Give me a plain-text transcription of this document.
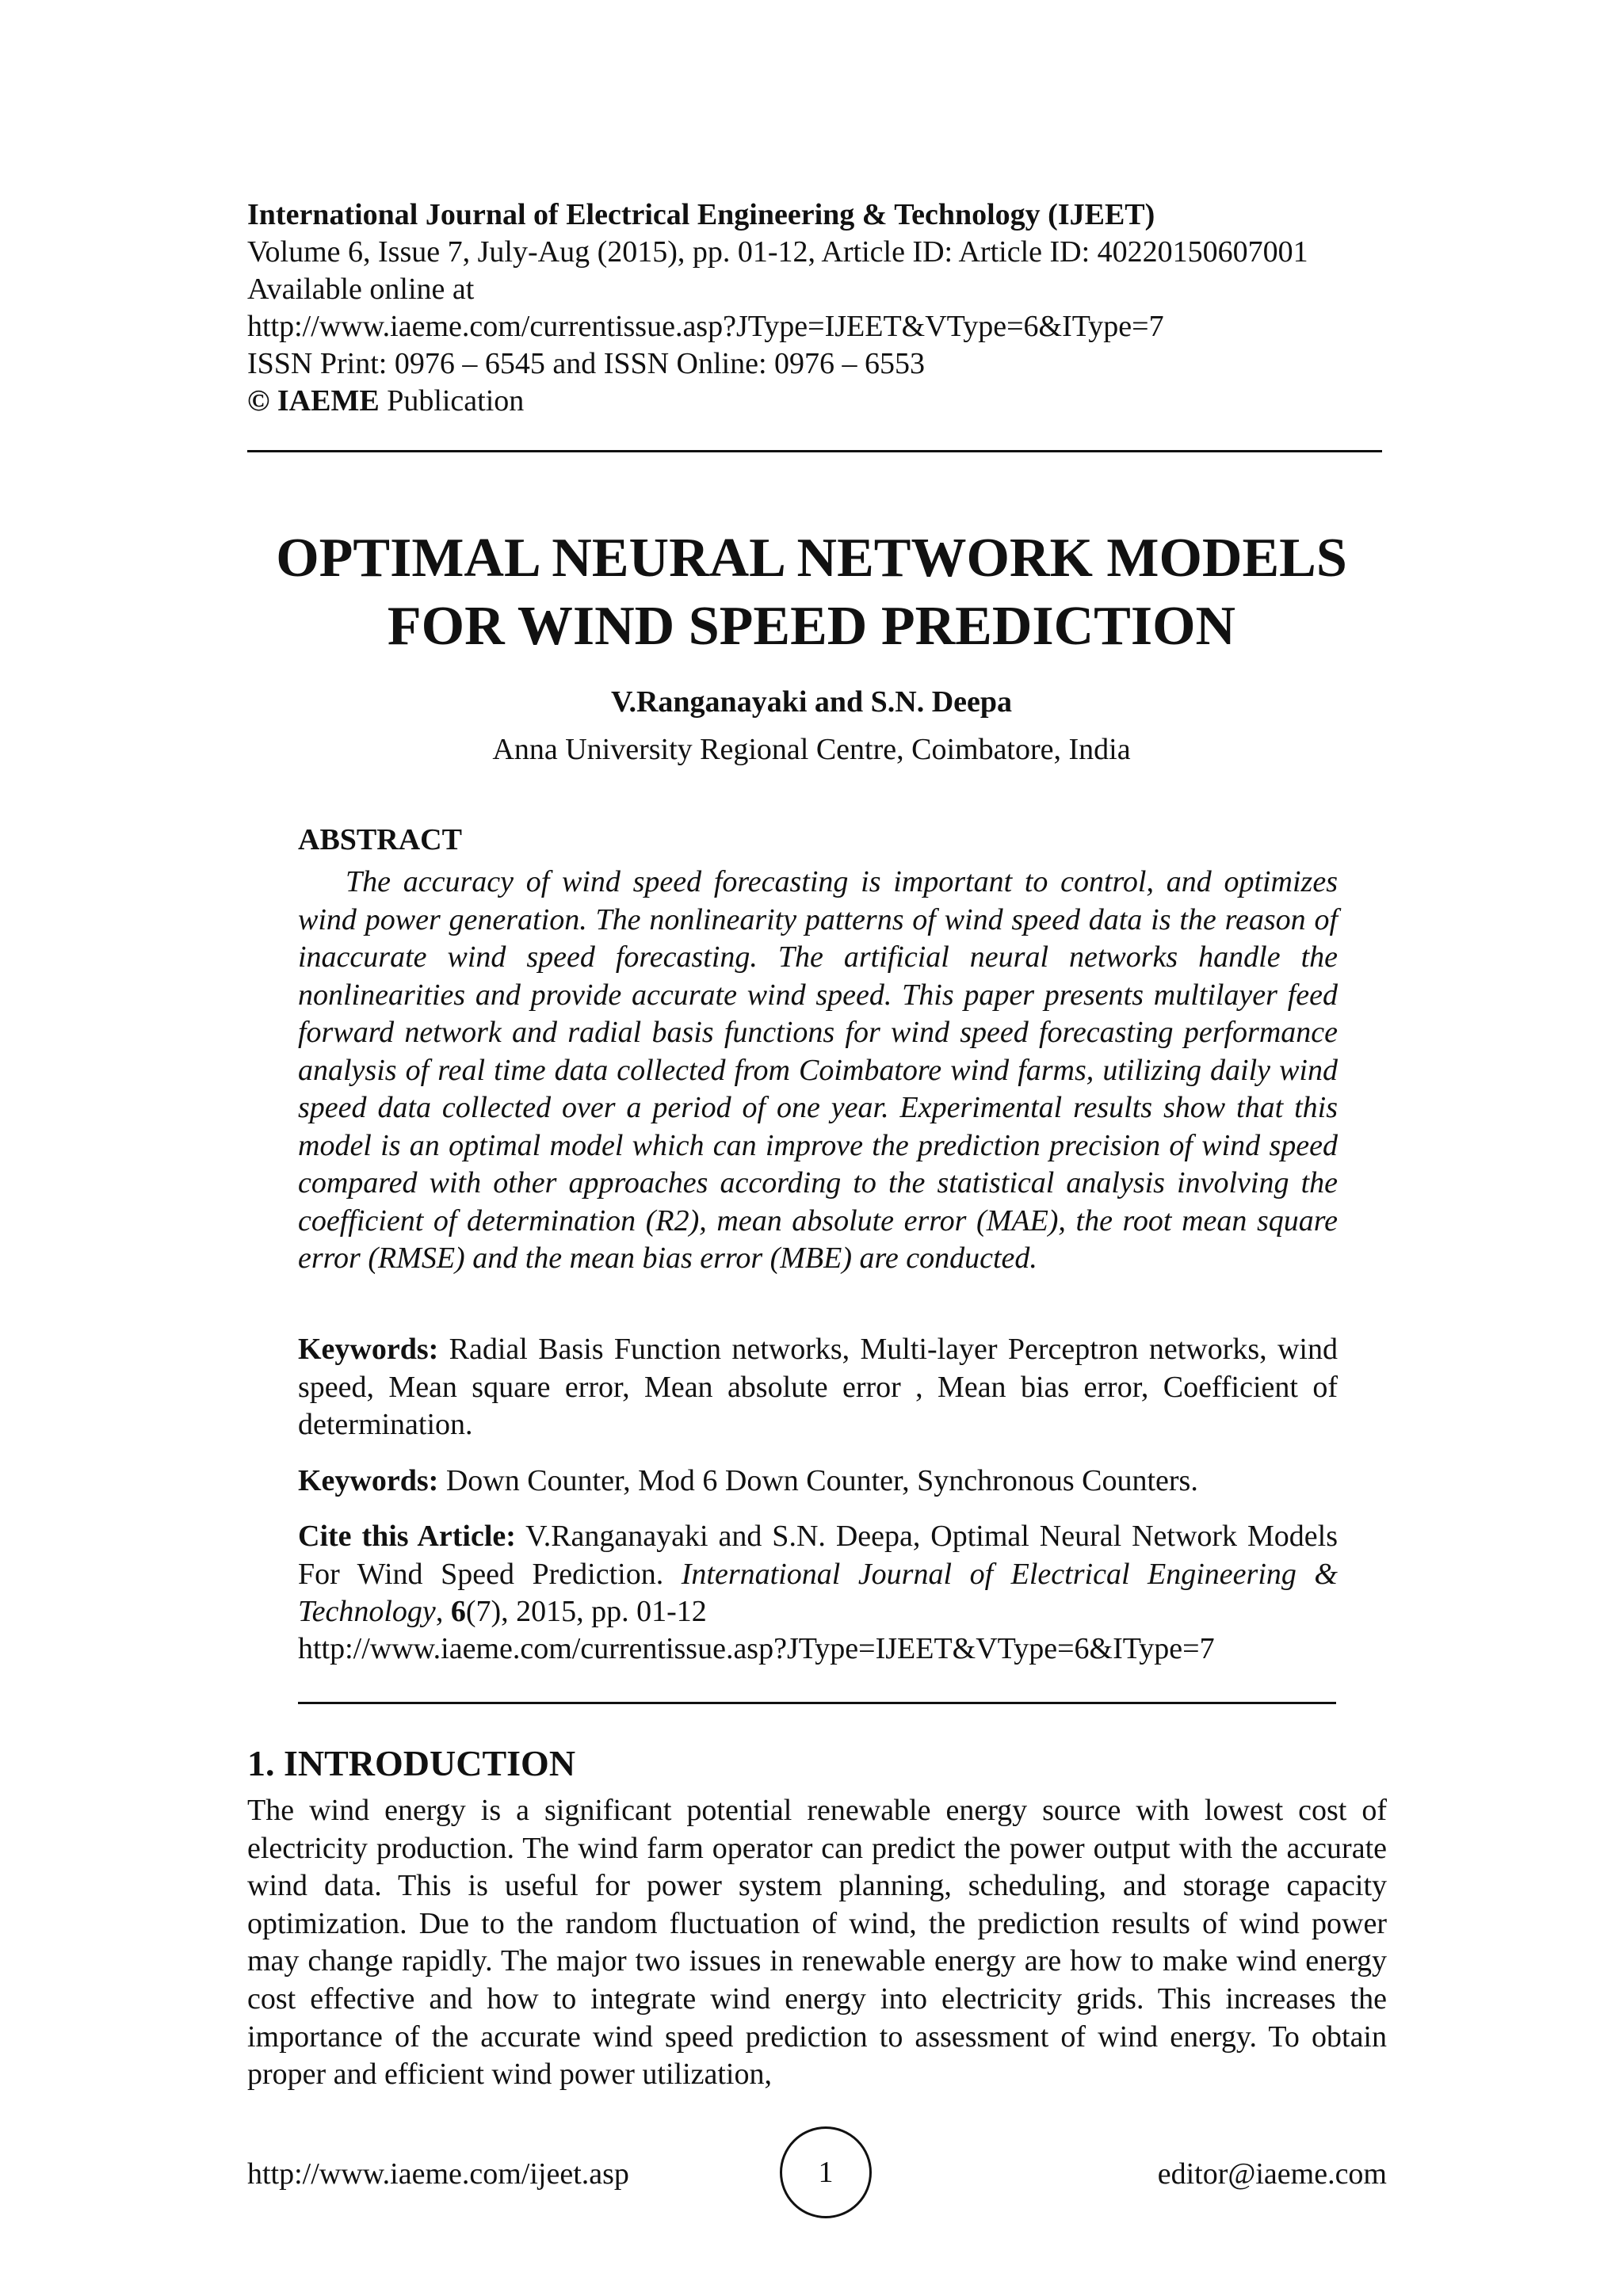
International Journal of Electrical Engineering & Technology (IJEET)
Volume 6, Issue 7, July-Aug (2015), pp. 01-12, Article ID: Article ID: 40220150607001
Available online at
http://www.iaeme.com/currentissue.asp?JType=IJEET&VType=6&IType=7
ISSN Print: 0976 – 6545 and ISSN Online: 0976 – 6553
© IAEME Publication
OPTIMAL NEURAL NETWORK MODELS
FOR WIND SPEED PREDICTION
V.Ranganayaki and S.N. Deepa
Anna University Regional Centre, Coimbatore, India
ABSTRACT
The accuracy of wind speed forecasting is important to control, and optimizes wind power generation. The nonlinearity patterns of wind speed data is the reason of inaccurate wind speed forecasting. The artificial neural networks handle the nonlinearities and provide accurate wind speed. This paper presents multilayer feed forward network and radial basis functions for wind speed forecasting performance analysis of real time data collected from Coimbatore wind farms, utilizing daily wind speed data collected over a period of one year. Experimental results show that this model is an optimal model which can improve the prediction precision of wind speed compared with other approaches according to the statistical analysis involving the coefficient of determination (R2), mean absolute error (MAE), the root mean square error (RMSE) and the mean bias error (MBE) are conducted.
Keywords: Radial Basis Function networks, Multi-layer Perceptron networks, wind speed, Mean square error, Mean absolute error , Mean bias error, Coefficient of determination.
Keywords: Down Counter, Mod 6 Down Counter, Synchronous Counters.
Cite this Article: V.Ranganayaki and S.N. Deepa, Optimal Neural Network Models For Wind Speed Prediction. International Journal of Electrical Engineering & Technology, 6(7), 2015, pp. 01-12
http://www.iaeme.com/currentissue.asp?JType=IJEET&VType=6&IType=7
1. INTRODUCTION
The wind energy is a significant potential renewable energy source with lowest cost of electricity production. The wind farm operator can predict the power output with the accurate wind data. This is useful for power system planning, scheduling, and storage capacity optimization. Due to the random fluctuation of wind, the prediction results of wind power may change rapidly. The major two issues in renewable energy are how to make wind energy cost effective and how to integrate wind energy into electricity grids. This increases the importance of the accurate wind speed prediction to assessment of wind energy. To obtain proper and efficient wind power utilization,
http://www.iaeme.com/ijeet.asp	1	editor@iaeme.com
